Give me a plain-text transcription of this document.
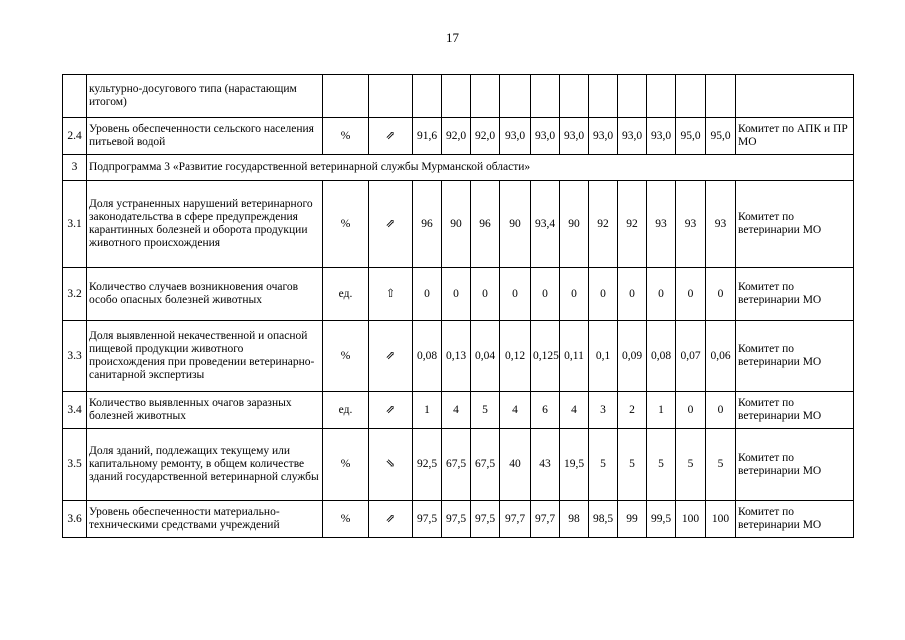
17
	культурно-досугового типа (нарастающим итогом)														
2.4	Уровень обеспеченности сельского населения питьевой водой	%	⇗	91,6	92,0	92,0	93,0	93,0	93,0	93,0	93,0	93,0	95,0	95,0	Комитет по АПК и ПР МО
3	Подпрограмма 3 «Развитие государственной ветеринарной службы Мурманской области»														
3.1	Доля устраненных нарушений ветеринарного законодательства в сфере предупреждения карантинных болезней и оборота продукции животного происхождения	%	⇗	96	90	96	90	93,4	90	92	92	93	93	93	Комитет по ветеринарии МО
3.2	Количество случаев возникновения очагов особо опасных болезней животных	ед.	⇧	0	0	0	0	0	0	0	0	0	0	0	Комитет по ветеринарии МО
3.3	Доля выявленной некачественной и опасной пищевой продукции животного происхождения при проведении ветеринарно-санитарной экспертизы	%	⇗	0,08	0,13	0,04	0,12	0,125	0,11	0,1	0,09	0,08	0,07	0,06	Комитет по ветеринарии МО
3.4	Количество выявленных очагов заразных болезней животных	ед.	⇗	1	4	5	4	6	4	3	2	1	0	0	Комитет по ветеринарии МО
3.5	Доля зданий, подлежащих текущему или капитальному ремонту, в общем количестве зданий государственной ветеринарной службы	%	⇘	92,5	67,5	67,5	40	43	19,5	5	5	5	5	5	Комитет по ветеринарии МО
3.6	Уровень обеспеченности материально-техническими средствами учреждений	%	⇗	97,5	97,5	97,5	97,7	97,7	98	98,5	99	99,5	100	100	Комитет по ветеринарии МО
